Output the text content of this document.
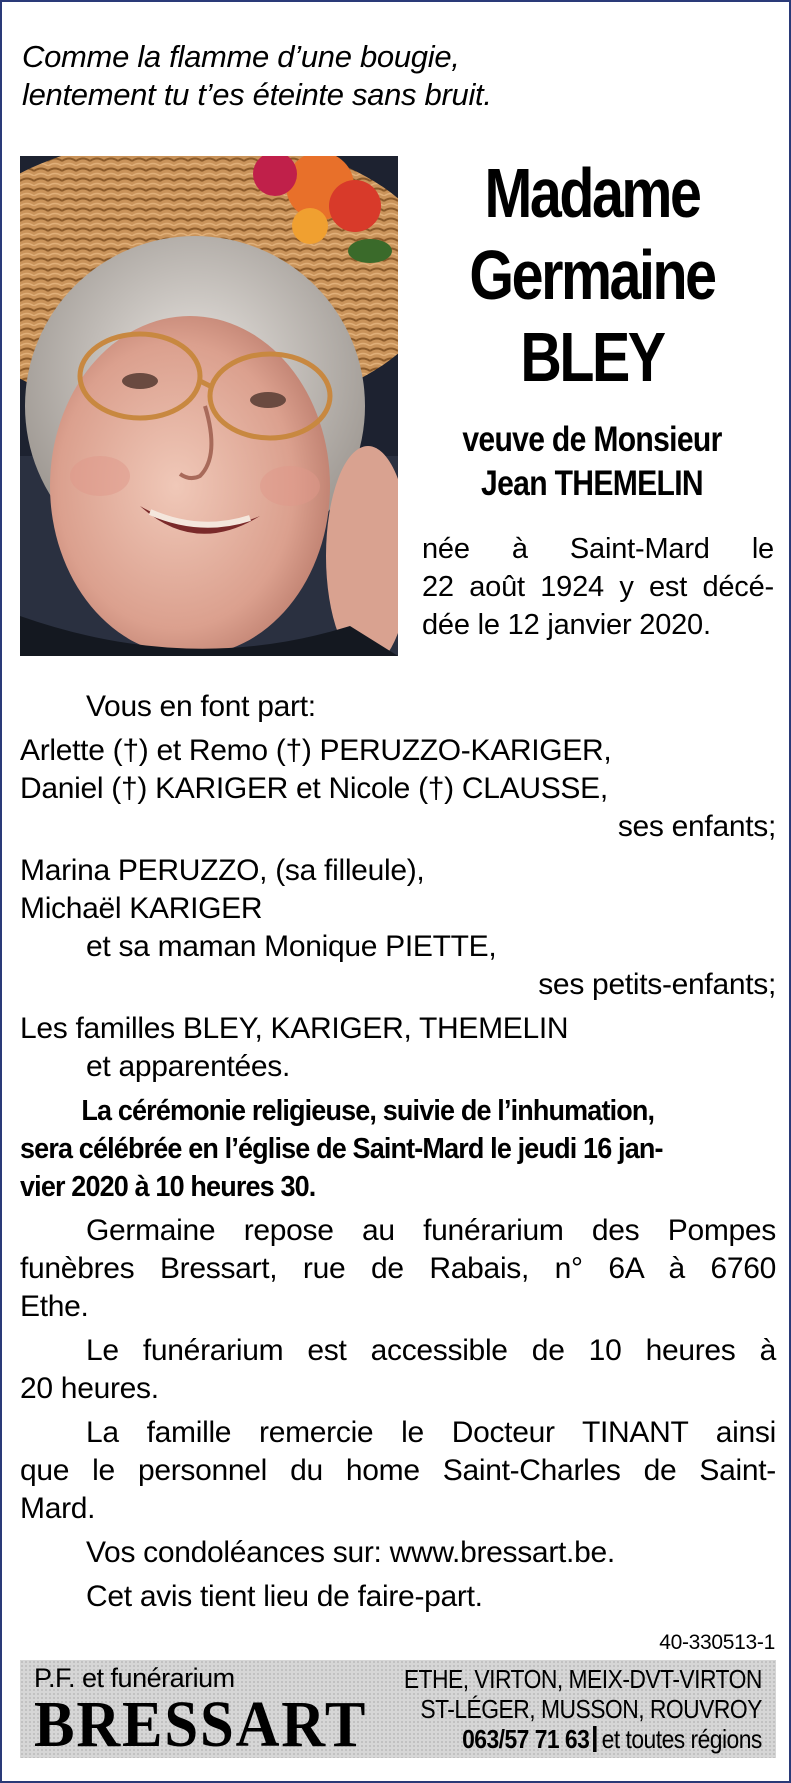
Comme la flamme d’une bougie,

lentement tu t’es éteinte sans bruit.

Madame
Germaine
BLEY
veuve de Monsieur
Jean THEMELIN
née à Saint-Mard le
22 août 1924 y est décé-
dée le 12 janvier 2020.
Vous en font part:
Arlette (†) et Remo (†) PERUZZO-KARIGER,
Daniel (†) KARIGER et Nicole (†) CLAUSSE,
ses enfants;
Marina PERUZZO, (sa filleule),
Michaël KARIGER
et sa maman Monique PIETTE,
ses petits-enfants;
Les familles BLEY, KARIGER, THEMELIN
et apparentées.
La cérémonie religieuse, suivie de l’inhumation,
sera célébrée en l’église de Saint-Mard le jeudi 16 jan-
vier 2020 à 10 heures 30.
Germaine repose au funérarium des Pompes
funèbres Bressart, rue de Rabais, n° 6A à 6760
Ethe.
Le funérarium est accessible de 10 heures à
20 heures.
La famille remercie le Docteur TINANT ainsi
que le personnel du home Saint-Charles de Saint-
Mard.
Vos condoléances sur: www.bressart.be.
Cet avis tient lieu de faire-part.
40-330513-1
P.F. et funérarium
BRESSART
ETHE, VIRTON, MEIX-DVT-VIRTON
ST-LÉGER, MUSSON, ROUVROY
063/57 71 63 et toutes régions
